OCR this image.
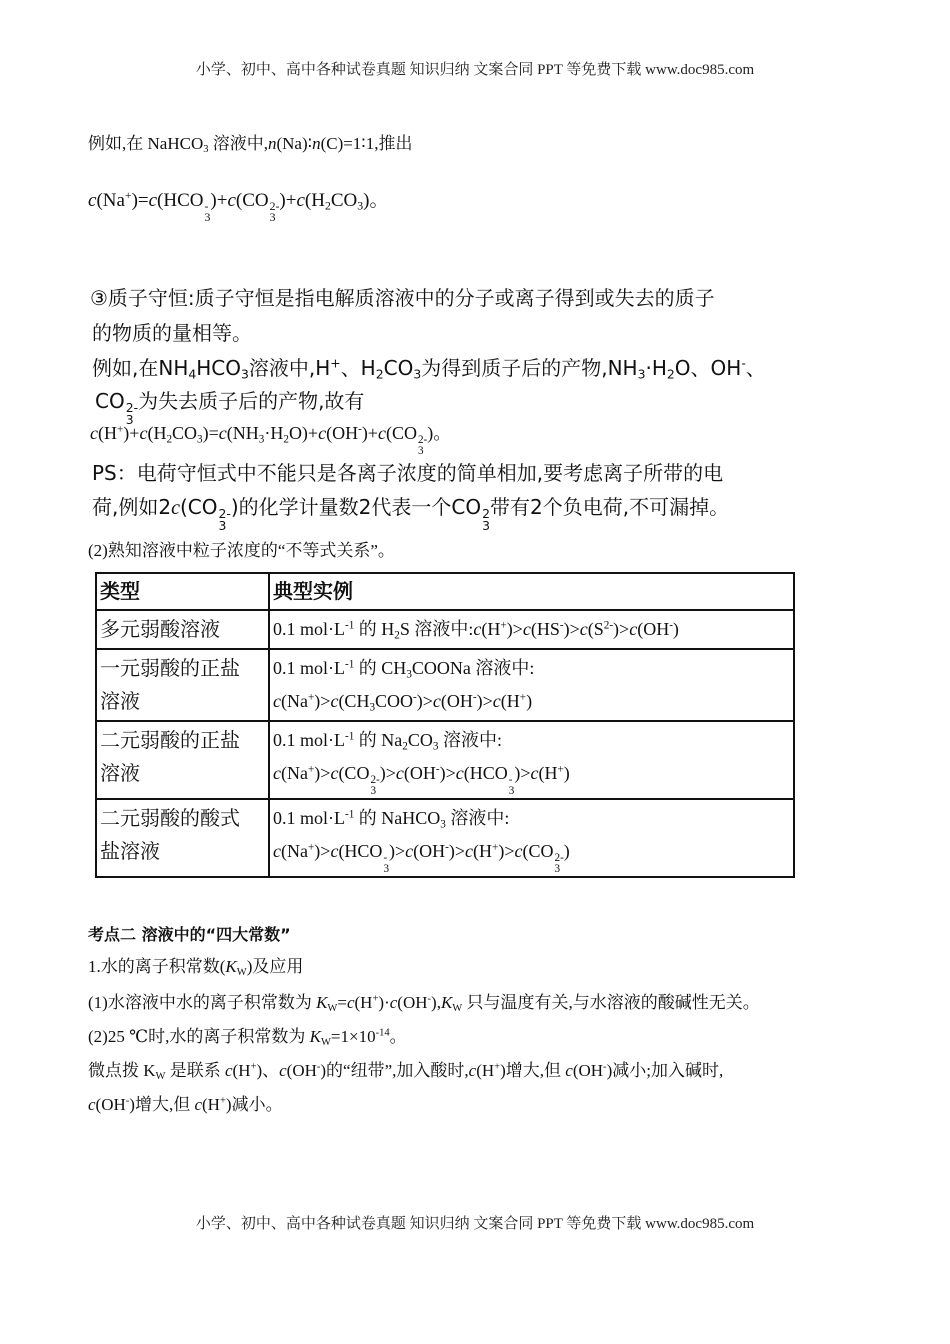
小学、初中、高中各种试卷真题 知识归纳 文案合同 PPT 等免费下载 www.doc985.com
例如,在 NaHCO$_3$ 溶液中,n(Na)∶n(C)=1∶1,推出
c(Na+)=c(HCO -
3
)+c(CO 2-
3
)$+c(H_2CO_3)$。
③质子守恒:质子守恒是指电解质溶液中的分子或离子得到或失去的质子
的物质的量相等。
例如,在$NH_4HCO_3$溶液中,H+、$H_2CO_3$为得到质子后的产物$,NH_3\cdot H_2O$、OH-、
CO 2-
3
为失去质子后的产物,故有
$c(H^+)+c(H_2CO_3)=c(NH_3\cdot H_2O)+c(OH^-)+c(CO$ 2-
3
)。
PS：电荷守恒式中不能只是各离子浓度的简单相加,要考虑离子所带的电
荷,例如2c(CO 2-
3
)的化学计量数2代表一个CO 2
3
带有2个负电荷,不可漏掉。
(2)熟知溶液中粒子浓度的“不等式关系”。
类型	典型实例
多元弱酸溶液	0.1 $mol\cdot L^{-1}$ 的 $H_2S$ 溶液中$:c(H^+)>c(HS^-)>c(S^{2-})>c(OH^-)$
一元弱酸的正盐
溶液	0.1 $mol\cdot L^{-1}$ 的 $CH_3COONa$ 溶液中:
$c(Na^+)>c(CH_3COO^-)>c(OH^-)>c(H^+)$
二元弱酸的正盐
溶液	0.1 $mol\cdot L^{-1}$ 的 $Na_2CO_3$ 溶液中:
c(Na+)>c(CO 2-
3
)>c(OH-)>c(HCO -
3
)>c(H+)
二元弱酸的酸式
盐溶液	0.1 $mol\cdot L^{-1}$ 的 NaHCO$_3$ 溶液中:
c(Na+)>c(HCO -
3
)>c(OH-)>c(H+)>c(CO 2-
3
)
考点二 溶液中的“四大常数”
1.水的离子积常数$(K_W)$及应用
(1)水溶液中水的离子积常数为 $K_W=c(H^+)\cdot c(OH^-),K_W$ 只与温度有关,与水溶液的酸碱性无关。
(2)25 ℃时,水的离子积常数为 $K_W=1\times 10^{-14}$。
微点拨 $K_W$ 是联系 c(H+)、c(OH-)的“纽带”,加入酸时,c(H+)增大,但 c(OH-)减小;加入碱时,
c(OH-)增大,但 c(H+)减小。
小学、初中、高中各种试卷真题 知识归纳 文案合同 PPT 等免费下载 www.doc985.com
